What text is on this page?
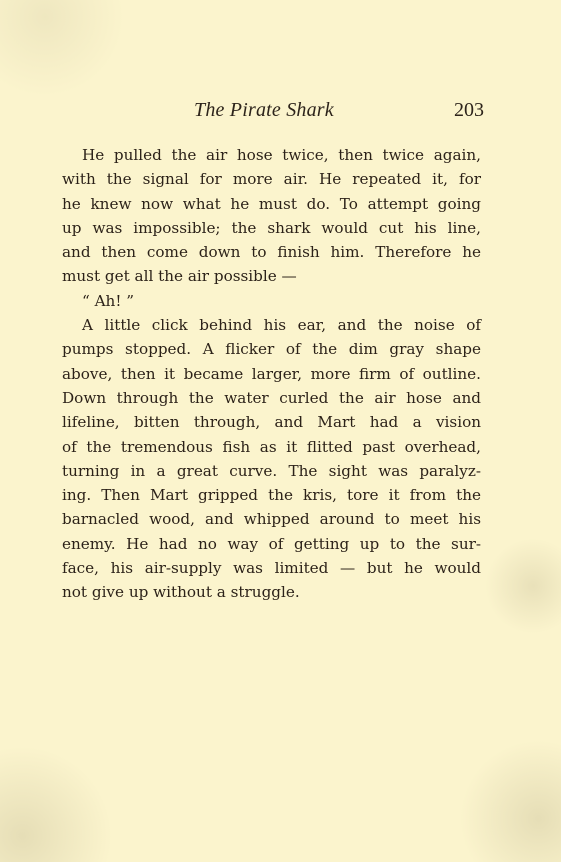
The Pirate Shark	203
He pulled the air hose twice, then twice again,
with the signal for more air. He repeated it, for
he knew now what he must do. To attempt going
up was impossible; the shark would cut his line,
and then come down to finish him. Therefore he
must get all the air possible —
“ Ah! ”
A little click behind his ear, and the noise of
pumps stopped. A flicker of the dim gray shape
above, then it became larger, more firm of outline.
Down through the water curled the air hose and
lifeline, bitten through, and Mart had a vision
of the tremendous fish as it flitted past overhead,
turning in a great curve. The sight was paralyz-
ing. Then Mart gripped the kris, tore it from the
barnacled wood, and whipped around to meet his
enemy. He had no way of getting up to the sur-
face, his air-supply was limited — but he would
not give up without a struggle.
